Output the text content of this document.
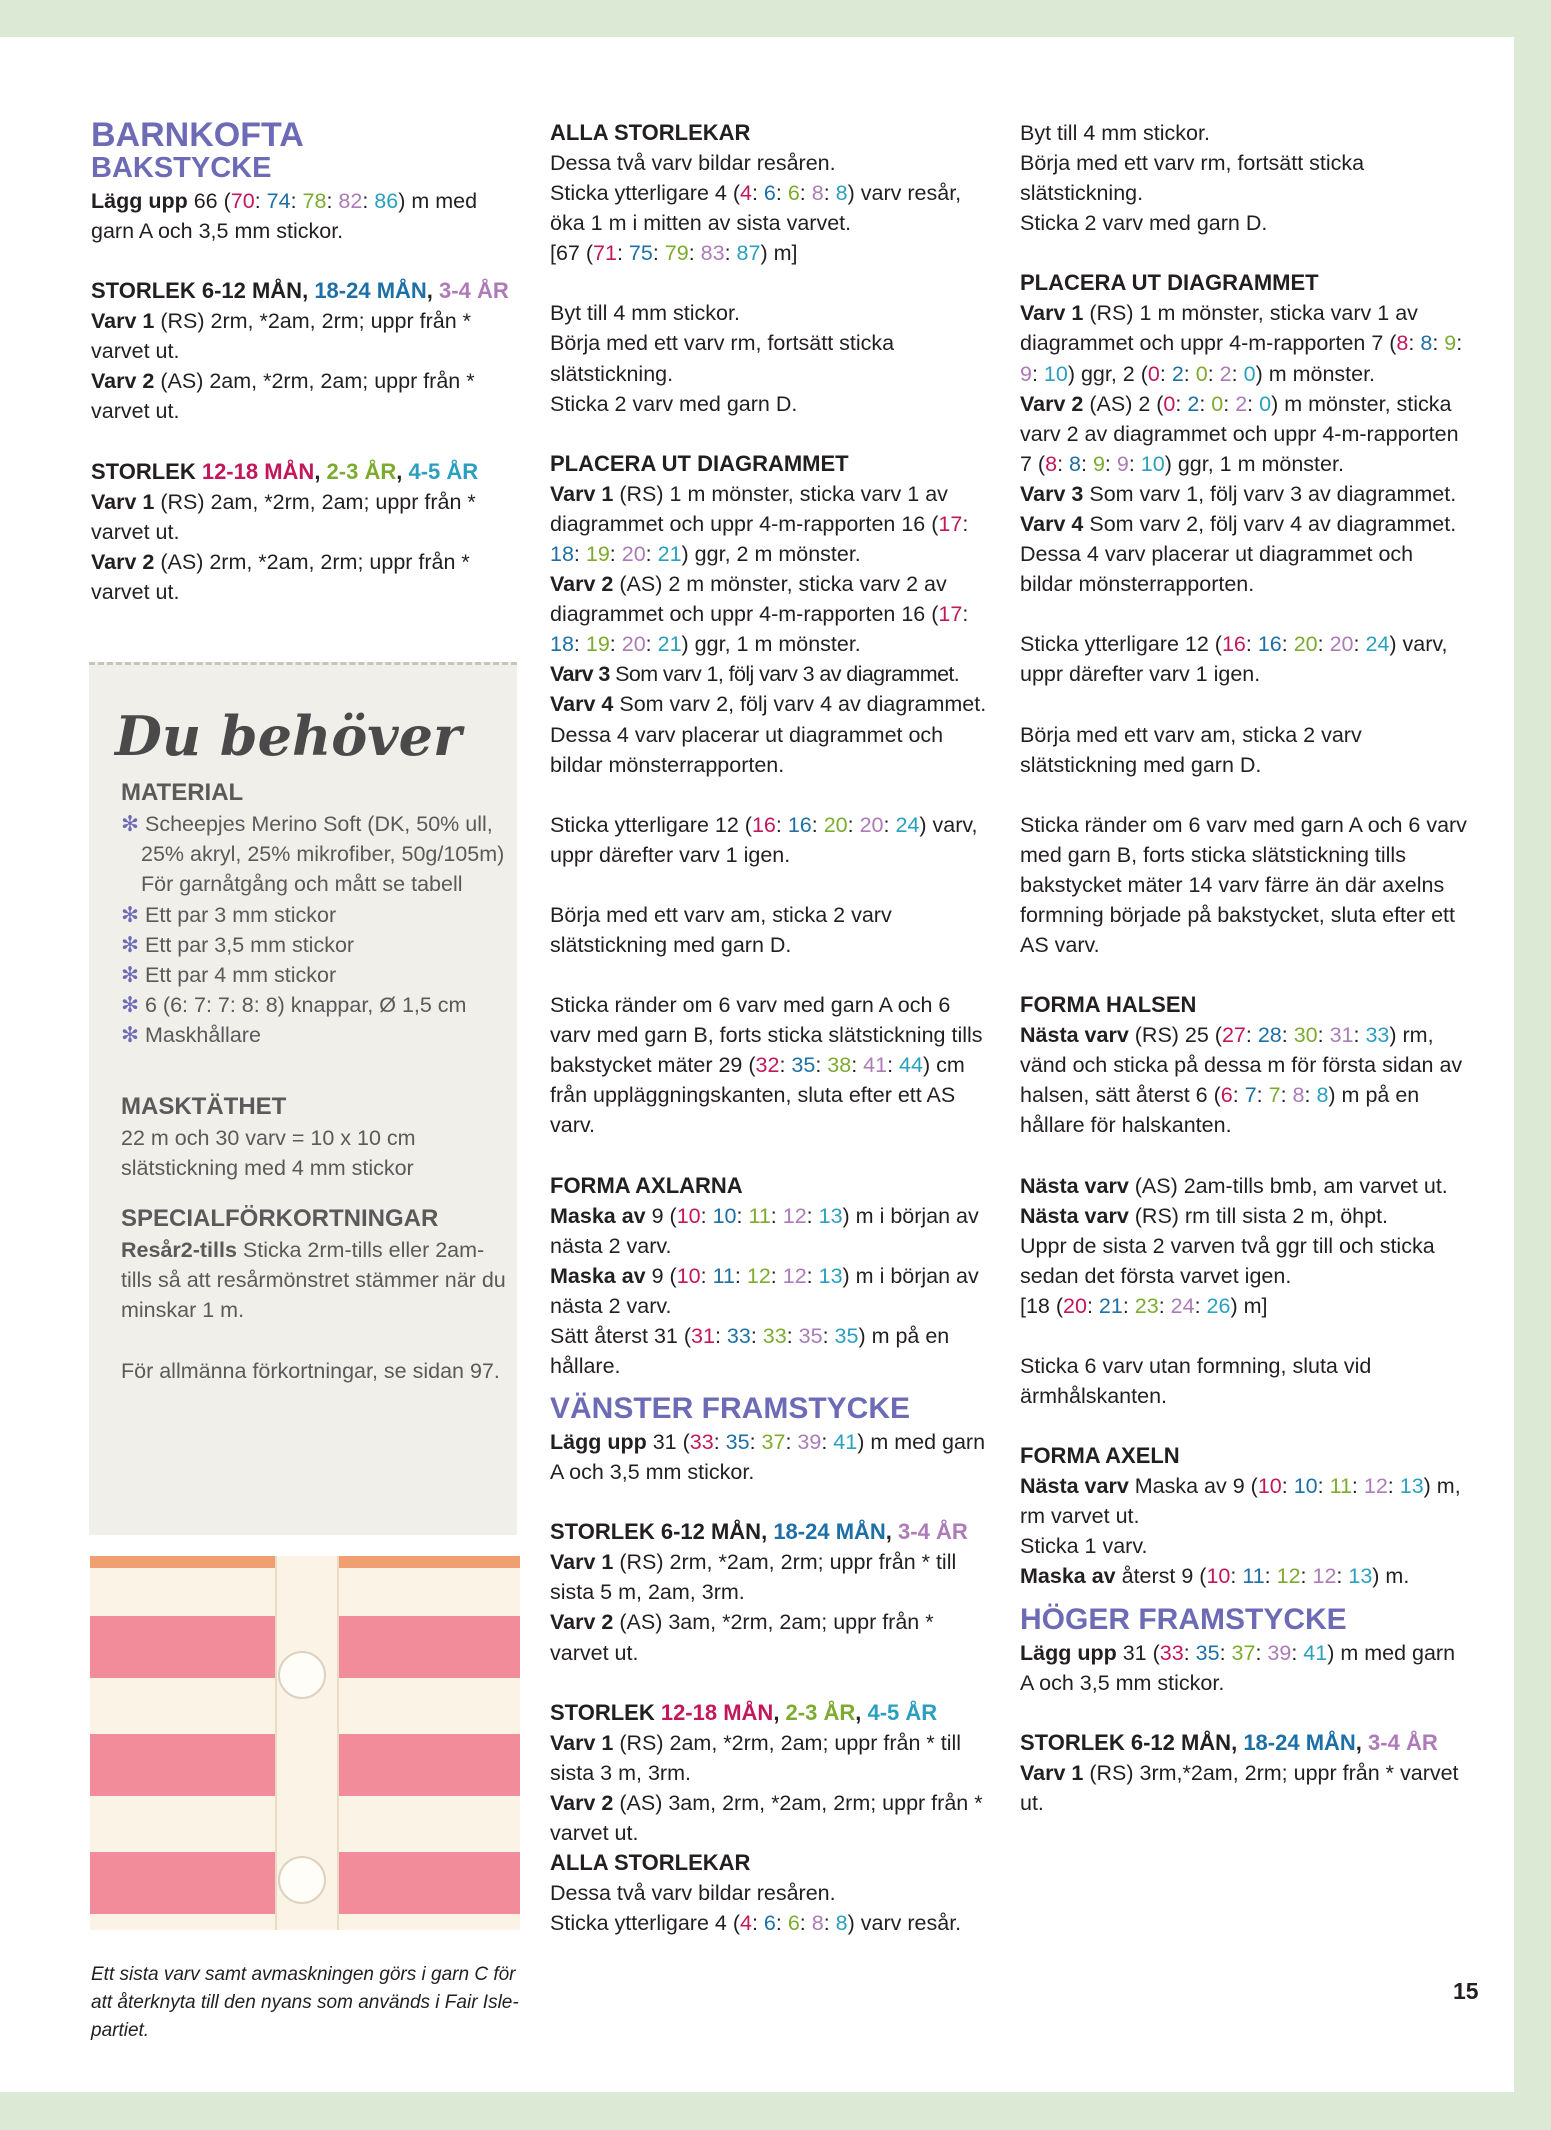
BARNKOFTA

BAKSTYCKE

Lägg upp 66 (70: 74: 78: 82: 86) m med garn A och 3,5 mm stickor.

STORLEK 6-12 MÅN, 18-24 MÅN, 3-4 ÅR

Varv 1 (RS) 2rm, *2am, 2rm; uppr från * varvet ut.

Varv 2 (AS) 2am, *2rm, 2am; uppr från * varvet ut.

STORLEK 12-18 MÅN, 2-3 ÅR, 4-5 ÅR

Varv 1 (RS) 2am, *2rm, 2am; uppr från * varvet ut.

Varv 2 (AS) 2rm, *2am, 2rm; uppr från * varvet ut.

Du behöver

MATERIAL

✻ Scheepjes Merino Soft (DK, 50% ull, 25% akryl, 25% mikrofiber, 50g/105m) För garnåtgång och mått se tabell

✻ Ett par 3 mm stickor

✻ Ett par 3,5 mm stickor

✻ Ett par 4 mm stickor

✻ 6 (6: 7: 7: 8: 8) knappar, Ø 1,5 cm

✻ Maskhållare

MASKTÄTHET

22 m och 30 varv = 10 x 10 cm slätstickning med 4 mm stickor

SPECIALFÖRKORTNINGAR

Resår2-tills Sticka 2rm-tills eller 2am-tills så att resårmönstret stämmer när du minskar 1 m.

För allmänna förkortningar, se sidan 97.

Ett sista varv samt avmaskningen görs i garn C för att återknyta till den nyans som används i Fair Isle-partiet.

ALLA STORLEKAR

Dessa två varv bildar resåren.

Sticka ytterligare 4 (4: 6: 6: 8: 8) varv resår, öka 1 m i mitten av sista varvet.

[67 (71: 75: 79: 83: 87) m]

Byt till 4 mm stickor.

Börja med ett varv rm, fortsätt sticka slätstickning.

Sticka 2 varv med garn D.

PLACERA UT DIAGRAMMET

Varv 1 (RS) 1 m mönster, sticka varv 1 av diagrammet och uppr 4-m-rapporten 16 (17: 18: 19: 20: 21) ggr, 2 m mönster.

Varv 2 (AS) 2 m mönster, sticka varv 2 av diagrammet och uppr 4-m-rapporten 16 (17: 18: 19: 20: 21) ggr, 1 m mönster.

Varv 3 Som varv 1, följ varv 3 av diagrammet.

Varv 4 Som varv 2, följ varv 4 av diagrammet.

Dessa 4 varv placerar ut diagrammet och bildar mönsterrapporten.

Sticka ytterligare 12 (16: 16: 20: 20: 24) varv, uppr därefter varv 1 igen.

Börja med ett varv am, sticka 2 varv slätstickning med garn D.

Sticka ränder om 6 varv med garn A och 6 varv med garn B, forts sticka slätstickning tills bakstycket mäter 29 (32: 35: 38: 41: 44) cm från uppläggningskanten, sluta efter ett AS varv.

FORMA AXLARNA

Maska av 9 (10: 10: 11: 12: 13) m i början av nästa 2 varv.

Maska av 9 (10: 11: 12: 12: 13) m i början av nästa 2 varv.

Sätt återst 31 (31: 33: 33: 35: 35) m på en hållare.

VÄNSTER FRAMSTYCKE

Lägg upp 31 (33: 35: 37: 39: 41) m med garn A och 3,5 mm stickor.

STORLEK 6-12 MÅN, 18-24 MÅN, 3-4 ÅR

Varv 1 (RS) 2rm, *2am, 2rm; uppr från * till sista 5 m, 2am, 3rm.

Varv 2 (AS) 3am, *2rm, 2am; uppr från * varvet ut.

STORLEK 12-18 MÅN, 2-3 ÅR, 4-5 ÅR

Varv 1 (RS) 2am, *2rm, 2am; uppr från * till sista 3 m, 3rm.

Varv 2 (AS) 3am, 2rm, *2am, 2rm; uppr från * varvet ut.

ALLA STORLEKAR

Dessa två varv bildar resåren.

Sticka ytterligare 4 (4: 6: 6: 8: 8) varv resår.

Byt till 4 mm stickor.

Börja med ett varv rm, fortsätt sticka slätstickning.

Sticka 2 varv med garn D.

PLACERA UT DIAGRAMMET

Varv 1 (RS) 1 m mönster, sticka varv 1 av diagrammet och uppr 4-m-rapporten 7 (8: 8: 9: 9: 10) ggr, 2 (0: 2: 0: 2: 0) m mönster.

Varv 2 (AS) 2 (0: 2: 0: 2: 0) m mönster, sticka varv 2 av diagrammet och uppr 4-m-rapporten 7 (8: 8: 9: 9: 10) ggr, 1 m mönster.

Varv 3 Som varv 1, följ varv 3 av diagrammet.

Varv 4 Som varv 2, följ varv 4 av diagrammet.

Dessa 4 varv placerar ut diagrammet och bildar mönsterrapporten.

Sticka ytterligare 12 (16: 16: 20: 20: 24) varv, uppr därefter varv 1 igen.

Börja med ett varv am, sticka 2 varv slätstickning med garn D.

Sticka ränder om 6 varv med garn A och 6 varv med garn B, forts sticka slätstickning tills bakstycket mäter 14 varv färre än där axelns formning började på bakstycket, sluta efter ett AS varv.

FORMA HALSEN

Nästa varv (RS) 25 (27: 28: 30: 31: 33) rm, vänd och sticka på dessa m för första sidan av halsen, sätt återst 6 (6: 7: 7: 8: 8) m på en hållare för halskanten.

Nästa varv (AS) 2am-tills bmb, am varvet ut.

Nästa varv (RS) rm till sista 2 m, öhpt.

Uppr de sista 2 varven två ggr till och sticka sedan det första varvet igen.

[18 (20: 21: 23: 24: 26) m]

Sticka 6 varv utan formning, sluta vid ärmhålskanten.

FORMA AXELN

Nästa varv Maska av 9 (10: 10: 11: 12: 13) m, rm varvet ut.

Sticka 1 varv.

Maska av återst 9 (10: 11: 12: 12: 13) m.

HÖGER FRAMSTYCKE

Lägg upp 31 (33: 35: 37: 39: 41) m med garn A och 3,5 mm stickor.

STORLEK 6-12 MÅN, 18-24 MÅN, 3-4 ÅR

Varv 1 (RS) 3rm,*2am, 2rm; uppr från * varvet ut.

15
